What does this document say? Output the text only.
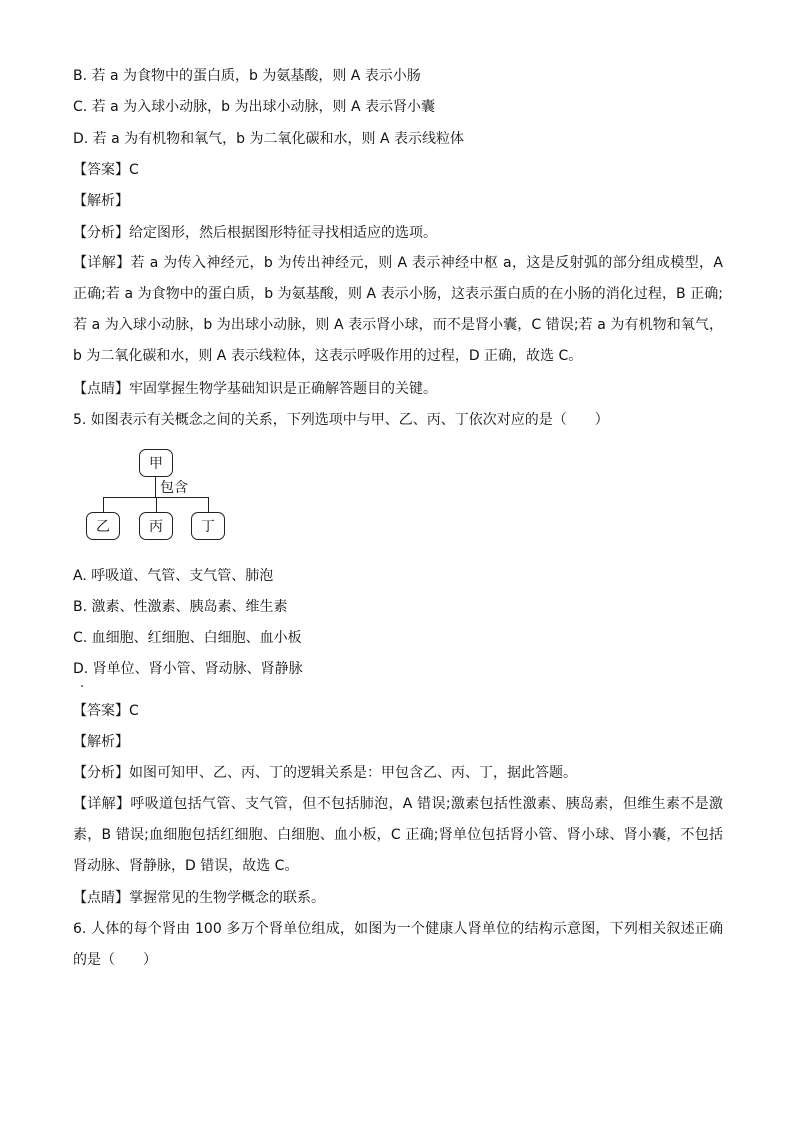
B. 若 a 为食物中的蛋白质，b 为氨基酸，则 A 表示小肠
C. 若 a 为入球小动脉，b 为出球小动脉，则 A 表示肾小囊
D. 若 a 为有机物和氧气，b 为二氧化碳和水，则 A 表示线粒体
【答案】C
【解析】
【分析】给定图形，然后根据图形特征寻找相适应的选项。
【详解】若 a 为传入神经元，b 为传出神经元，则 A 表示神经中枢 a，这是反射弧的部分组成模型，A 正确;若 a 为食物中的蛋白质，b 为氨基酸，则 A 表示小肠，这表示蛋白质的在小肠的消化过程，B 正确;若 a 为入球小动脉，b 为出球小动脉，则 A 表示肾小球，而不是肾小囊，C 错误;若 a 为有机物和氧气，b 为二氧化碳和水，则 A 表示线粒体，这表示呼吸作用的过程，D 正确，故选 C。
【点睛】牢固掌握生物学基础知识是正确解答题目的关键。
5. 如图表示有关概念之间的关系，下列选项中与甲、乙、丙、丁依次对应的是（　　）
甲
包含
乙	丙	丁
A. 呼吸道、气管、支气管、肺泡
B. 激素、性激素、胰岛素、维生素
C. 血细胞、红细胞、白细胞、血小板
D. 肾单位、肾小管、肾动脉、肾静脉
【答案】C
【解析】
【分析】如图可知甲、乙、丙、丁的逻辑关系是：甲包含乙、丙、丁，据此答题。
【详解】呼吸道包括气管、支气管，但不包括肺泡，A 错误;激素包括性激素、胰岛素，但维生素不是激素，B 错误;血细胞包括红细胞、白细胞、血小板，C 正确;肾单位包括肾小管、肾小球、肾小囊，不包括肾动脉、肾静脉，D 错误，故选 C。
【点睛】掌握常见的生物学概念的联系。
6. 人体的每个肾由 100 多万个肾单位组成，如图为一个健康人肾单位的结构示意图，下列相关叙述正确的是（　　）
